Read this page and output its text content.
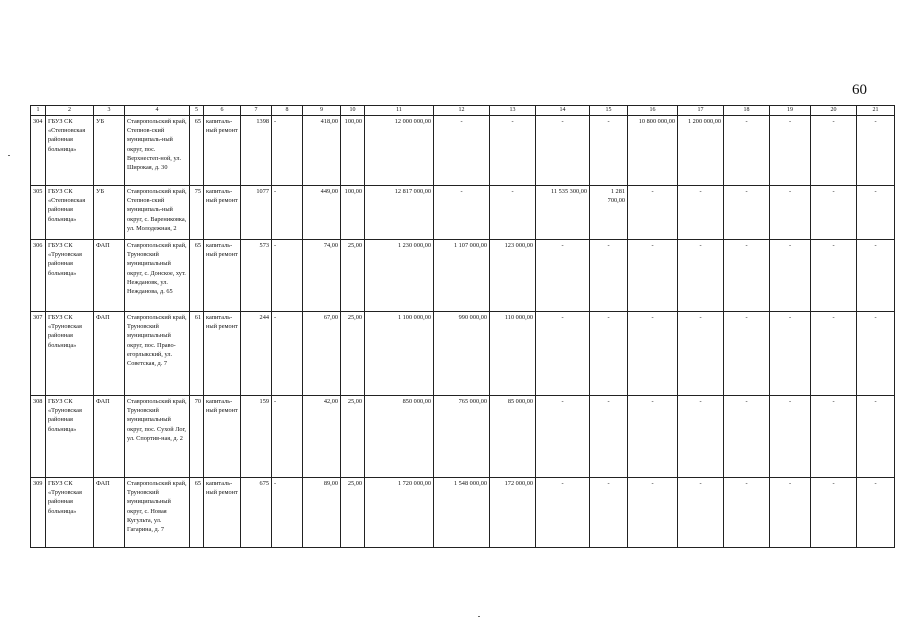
60
1	2	3	4	5	6	7	8	9	10	11	12	13	14	15	16	17	18	19	20	21
304	ГБУЗ СК «Степновская районная больница»	УБ	Ставропольский край, Степнов-ский муниципаль-ный округ, пос. Верхнестеп-ной, ул. Широкая, д. 30	65	капиталь-ный ремонт	1398	-	418,00	100,00	12 000 000,00	-	-	-	-	10 800 000,00	1 200 000,00	-	-	-	-
305	ГБУЗ СК «Степновская районная больница»	УБ	Ставропольский край, Степнов-ский муниципаль-ный округ, с. Варениковка, ул. Молодежная, 2	75	капиталь-ный ремонт	1077	-	449,00	100,00	12 817 000,00	-	-	11 535 300,00	1 281 700,00	-	-	-	-	-	-
306	ГБУЗ СК «Труновская районная больница»	ФАП	Ставропольский край, Труновский муниципальный округ, с. Донское, хут. Неждановк, ул. Нежданова, д. 65	65	капиталь-ный ремонт	573	-	74,00	25,00	1 230 000,00	1 107 000,00	123 000,00	-	-	-	-	-	-	-	-
307	ГБУЗ СК «Труновская районная больница»	ФАП	Ставропольский край, Труновский муниципальный округ, пос. Право-егорлыкский, ул. Советская, д. 7	61	капиталь-ный ремонт	244	-	67,00	25,00	1 100 000,00	990 000,00	110 000,00	-	-	-	-	-	-	-	-
308	ГБУЗ СК «Труновская районная больница»	ФАП	Ставропольский край, Труновский муниципальный округ, пос. Сухой Лог, ул. Спортив-ная, д. 2	70	капиталь-ный ремонт	159	-	42,00	25,00	850 000,00	765 000,00	85 000,00	-	-	-	-	-	-	-	-
309	ГБУЗ СК «Труновская районная больница»	ФАП	Ставропольский край, Труновский муниципальный округ, с. Новая Кугульта, ул. Гагарина, д. 7	65	капиталь-ный ремонт	675	-	89,00	25,00	1 720 000,00	1 548 000,00	172 000,00	-	-	-	-	-	-	-	-
